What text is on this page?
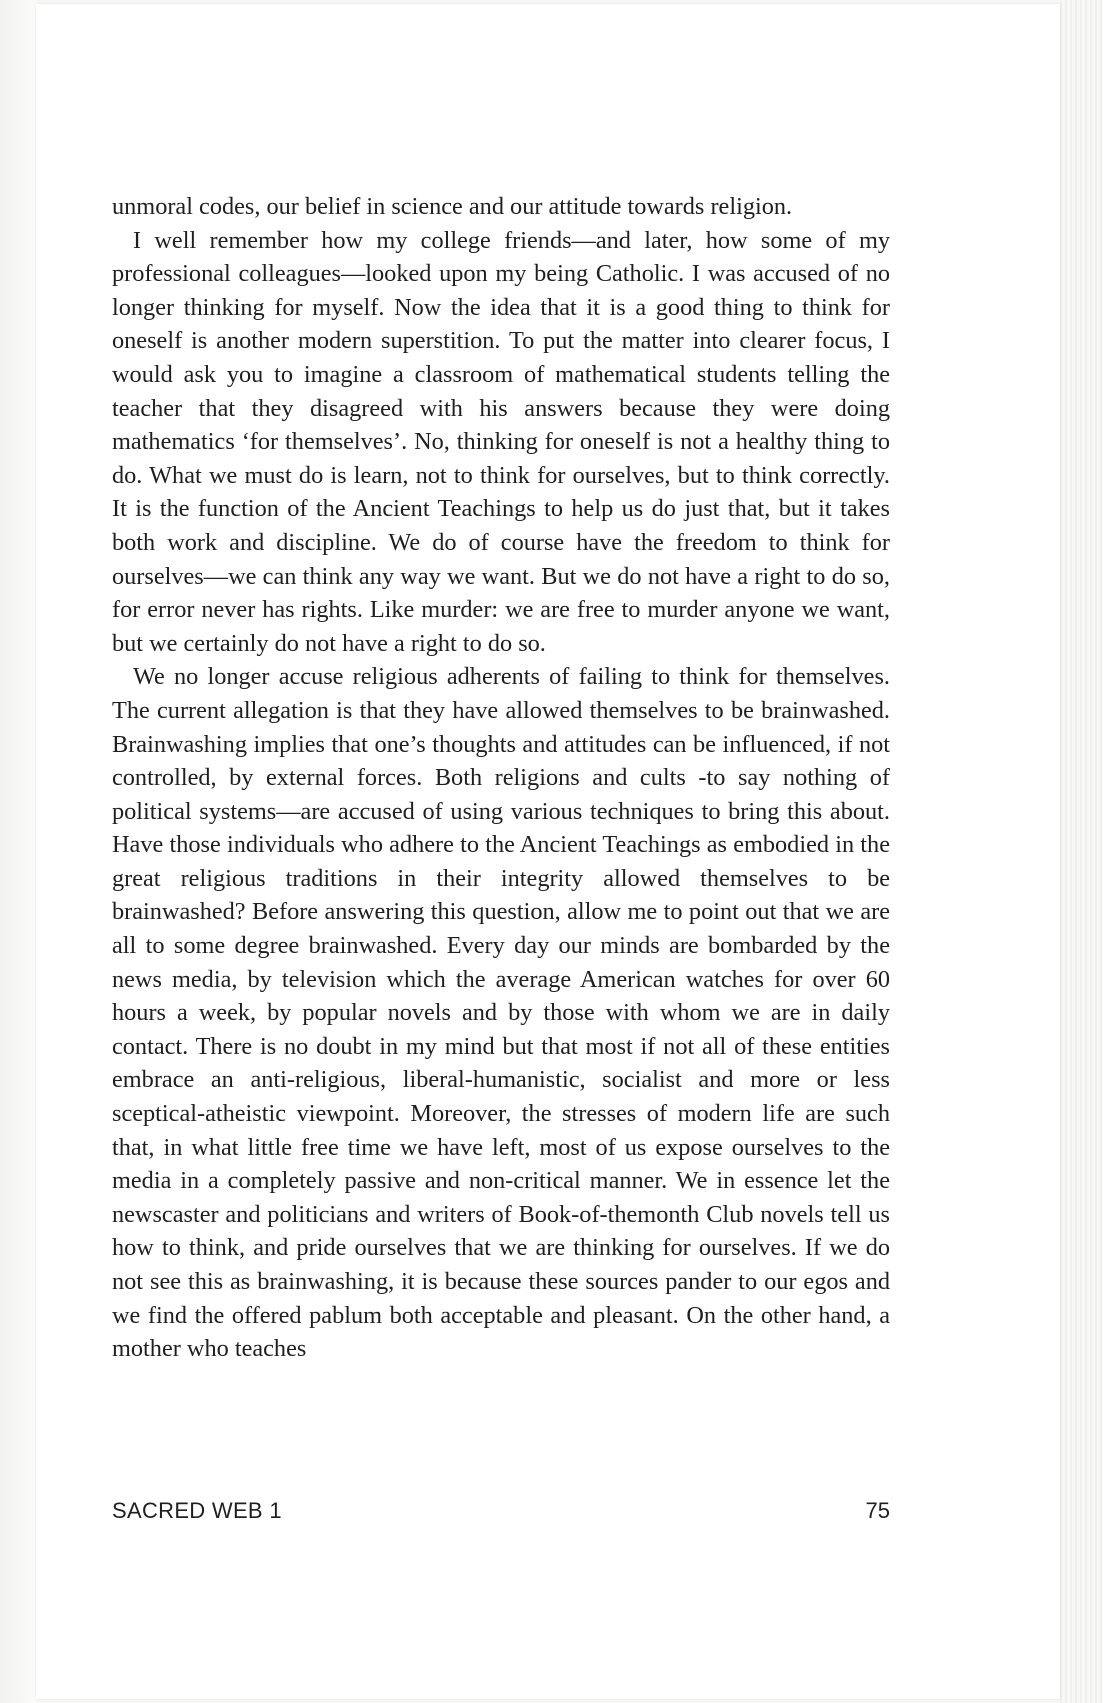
unmoral codes, our belief in science and our attitude towards religion.

I well remember how my college friends—and later, how some of my professional colleagues—looked upon my being Catholic. I was accused of no longer thinking for myself. Now the idea that it is a good thing to think for oneself is another modern superstition. To put the matter into clearer focus, I would ask you to imagine a classroom of mathematical students telling the teacher that they disagreed with his answers because they were doing mathematics ‘for themselves’. No, thinking for oneself is not a healthy thing to do. What we must do is learn, not to think for ourselves, but to think correctly. It is the function of the Ancient Teachings to help us do just that, but it takes both work and discipline. We do of course have the freedom to think for ourselves—we can think any way we want. But we do not have a right to do so, for error never has rights. Like murder: we are free to murder anyone we want, but we certainly do not have a right to do so.

We no longer accuse religious adherents of failing to think for themselves. The current allegation is that they have allowed themselves to be brainwashed. Brainwashing implies that one’s thoughts and attitudes can be influenced, if not controlled, by external forces. Both religions and cults -to say nothing of political systems—are accused of using various techniques to bring this about. Have those individuals who adhere to the Ancient Teachings as embodied in the great religious traditions in their integrity allowed themselves to be brainwashed? Before answering this question, allow me to point out that we are all to some degree brainwashed. Every day our minds are bombarded by the news media, by television which the average American watches for over 60 hours a week, by popular novels and by those with whom we are in daily contact. There is no doubt in my mind but that most if not all of these entities embrace an anti-religious, liberal-humanistic, socialist and more or less sceptical-atheistic viewpoint. Moreover, the stresses of modern life are such that, in what little free time we have left, most of us expose ourselves to the media in a completely passive and non-critical manner. We in essence let the newscaster and politicians and writers of Book-of-themonth Club novels tell us how to think, and pride ourselves that we are thinking for ourselves. If we do not see this as brainwashing, it is because these sources pander to our egos and we find the offered pablum both acceptable and pleasant. On the other hand, a mother who teaches

SACRED WEB 1	75
